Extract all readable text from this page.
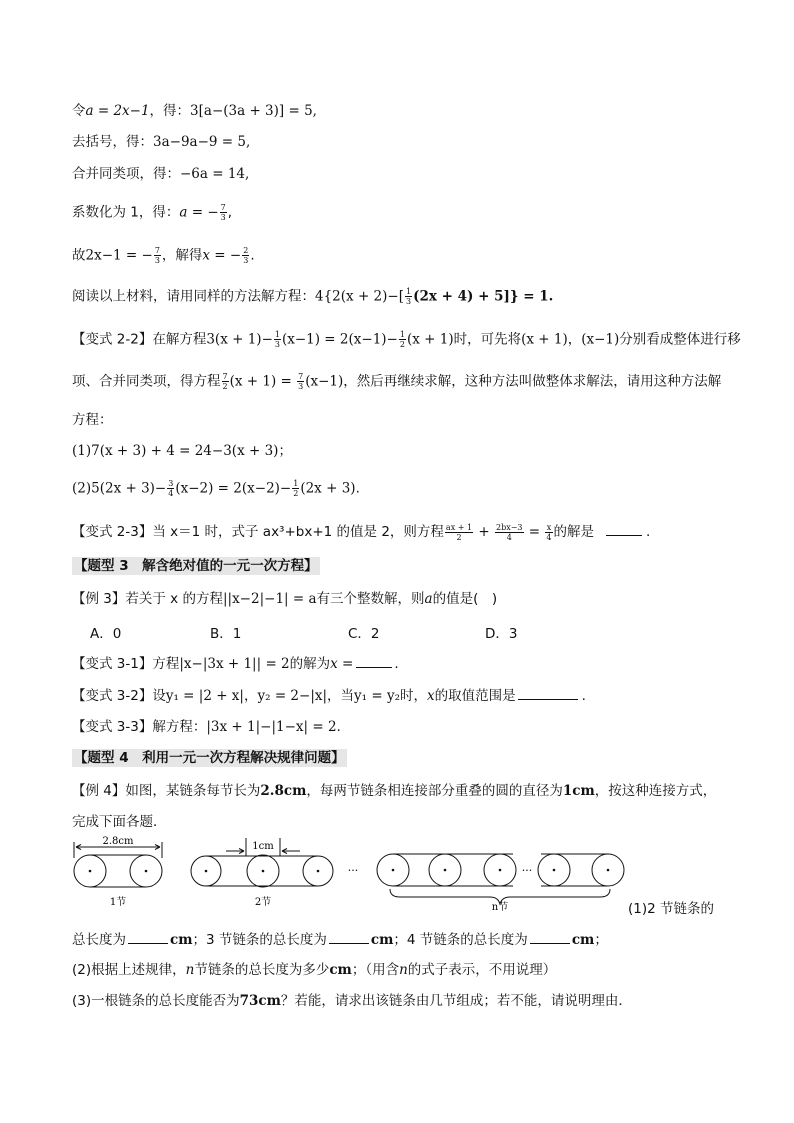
令a = 2x−1，得：3[a−(3a + 3)] = 5,
去括号，得：3a−9a−9 = 5,
合并同类项，得：−6a = 14,
系数化为 1，得：a = − $\frac{7}{3}$ ,
故2x−1 = − $\frac{7}{3}$ ，解得x = − $\frac{2}{3}$ .
阅读以上材料，请用同样的方法解方程：$4\{2(x + 2)-[ \frac{1}{3} (2x + 4) + 5]\} = 1$.
【变式 2-2】在解方程$3(x + 1)- \frac{1}{3} (x-1) = 2(x-1)- \frac{1}{2} (x + 1)$时，可先将(x + 1)，(x−1)分别看成整体进行移
项、合并同类项，得方程 $\frac{7}{2} (x + 1) = \frac{7}{3} (x-1)$，然后再继续求解，这种方法叫做整体求解法，请用这种方法解
方程：
(1)7(x + 3) + 4 = 24−3(x + 3)；
$(2)5(2x + 3)- \frac{3}{4} (x-2) = 2(x-2)- \frac{1}{2} (2x + 3)$.
【变式 2-3】当 x＝1 时，式子 ax³+bx+1 的值是 2，则方程 $\frac{ax + 1}{2} + \frac{2bx-3}{4} = \frac{x}{4}$ 的解是	.
【题型 3　解含绝对值的一元一次方程】
【例 3】若关于 x 的方程||x−2|−1| = a有三个整数解，则a的值是(　)
A．0	B．1	C．2	D．3
【变式 3-1】方程|x−|3x + 1|| = 2的解为x =	.
【变式 3-2】设y₁ = |2 + x|，y₂ = 2−|x|，当y₁ = y₂时，x的取值范围是	.
【变式 3-3】解方程：|3x + 1|−|1−x| = 2.
【题型 4　利用一元一次方程解决规律问题】
【例 4】如图，某链条每节长为2.8cm，每两节链条相连接部分重叠的圆的直径为1cm，按这种连接方式，
完成下面各题．
2.8cm	1cm
···	···
1节	2节	n节	(1)2 节链条的
总长度为	cm；3 节链条的总长度为	cm；4 节链条的总长度为	cm；
(2)根据上述规律，n节链条的总长度为多少cm；（用含n的式子表示，不用说理）
(3)一根链条的总长度能否为73cm？若能，请求出该链条由几节组成；若不能，请说明理由．
